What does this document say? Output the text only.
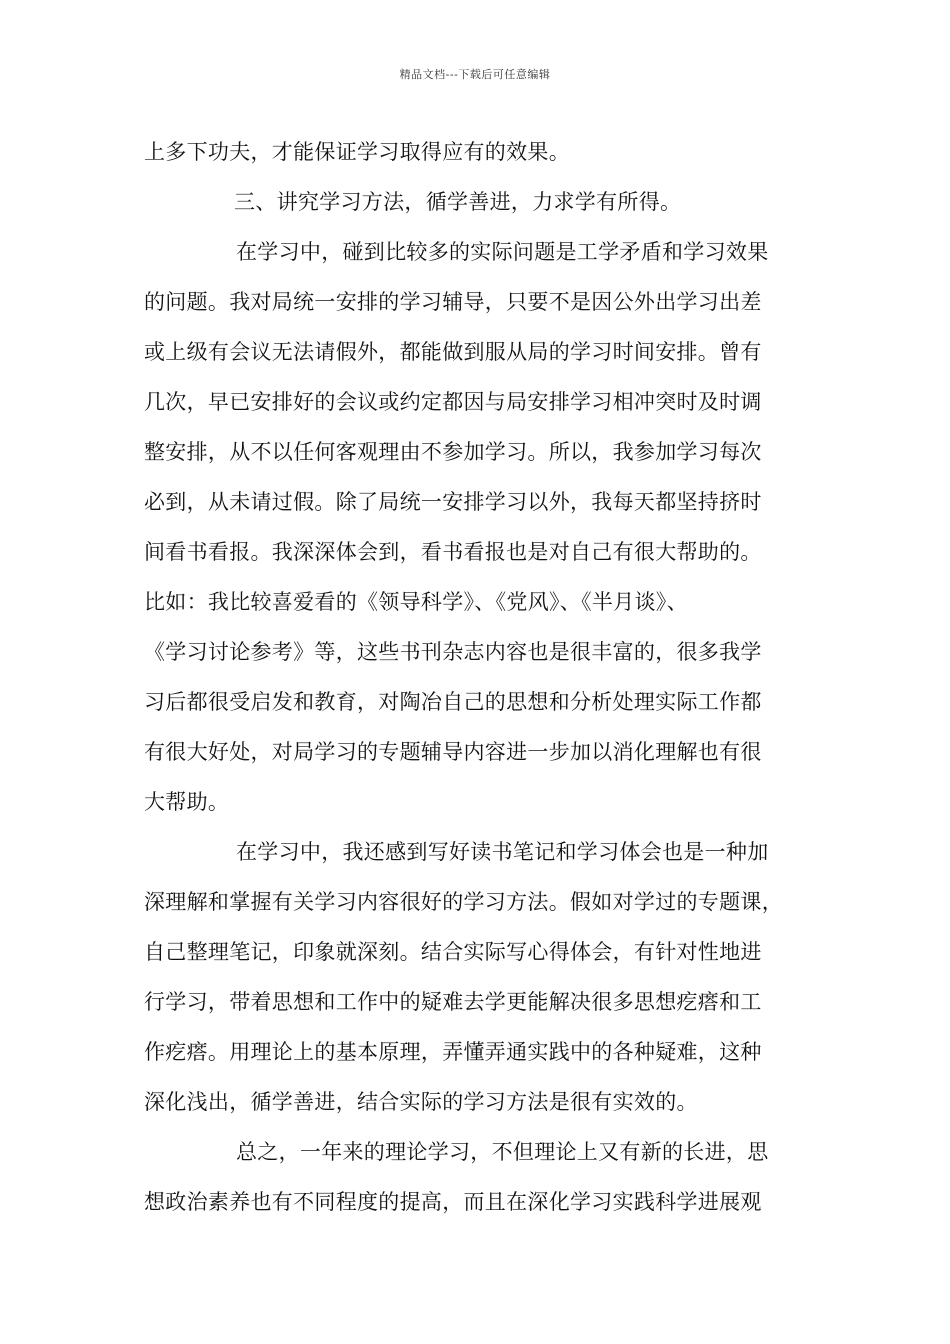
精品文档---下载后可任意编辑
上多下功夫，才能保证学习取得应有的效果。
三、讲究学习方法，循学善进，力求学有所得。
在学习中，碰到比较多的实际问题是工学矛盾和学习效果
的问题。我对局统一安排的学习辅导，只要不是因公外出学习出差
或上级有会议无法请假外，都能做到服从局的学习时间安排。曾有
几次，早已安排好的会议或约定都因与局安排学习相冲突时及时调
整安排，从不以任何客观理由不参加学习。所以，我参加学习每次
必到，从未请过假。除了局统一安排学习以外，我每天都坚持挤时
间看书看报。我深深体会到，看书看报也是对自己有很大帮助的。
比如：我比较喜爱看的《领导科学》、《党风》、《半月谈》、
《学习讨论参考》等，这些书刊杂志内容也是很丰富的，很多我学
习后都很受启发和教育，对陶冶自己的思想和分析处理实际工作都
有很大好处，对局学习的专题辅导内容进一步加以消化理解也有很
大帮助。
在学习中，我还感到写好读书笔记和学习体会也是一种加
深理解和掌握有关学习内容很好的学习方法。假如对学过的专题课，
自己整理笔记，印象就深刻。结合实际写心得体会，有针对性地进
行学习，带着思想和工作中的疑难去学更能解决很多思想疙瘩和工
作疙瘩。用理论上的基本原理，弄懂弄通实践中的各种疑难，这种
深化浅出，循学善进，结合实际的学习方法是很有实效的。
总之，一年来的理论学习，不但理论上又有新的长进，思
想政治素养也有不同程度的提高，而且在深化学习实践科学进展观
